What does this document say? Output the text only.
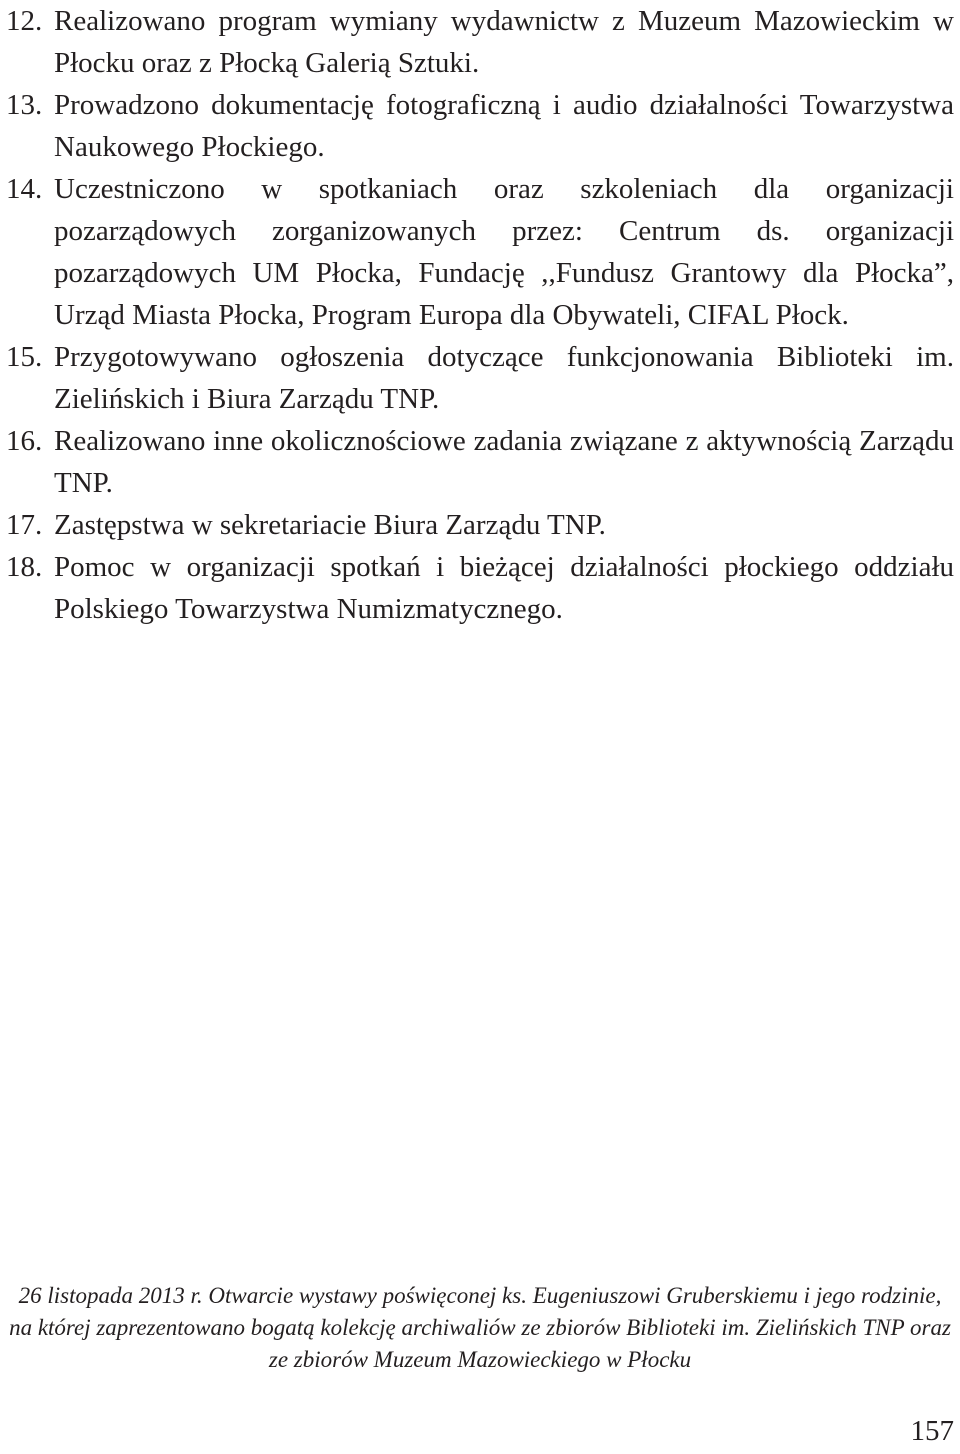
12. Realizowano program wymiany wydawnictw z Muzeum Mazowieckim w Płocku oraz z Płocką Galerią Sztuki.
13. Prowadzono dokumentację fotograficzną i audio działalności Towarzystwa Naukowego Płockiego.
14. Uczestniczono w spotkaniach oraz szkoleniach dla organizacji pozarządowych zorganizowanych przez: Centrum ds. organizacji pozarządowych UM Płocka, Fundację ,,Fundusz Grantowy dla Płocka”, Urząd Miasta Płocka, Program Europa dla Obywateli, CIFAL Płock.
15. Przygotowywano ogłoszenia dotyczące funkcjonowania Biblioteki im. Zielińskich i Biura Zarządu TNP.
16. Realizowano inne okolicznościowe zadania związane z aktywnością Zarządu TNP.
17. Zastępstwa w sekretariacie Biura Zarządu TNP.
18. Pomoc w organizacji spotkań i bieżącej działalności płockiego oddziału Polskiego Towarzystwa Numizmatycznego.
26 listopada 2013 r. Otwarcie wystawy poświęconej ks. Eugeniuszowi Gruberskiemu i jego rodzinie, na której zaprezentowano bogatą kolekcję archiwaliów ze zbiorów Biblioteki im. Zielińskich TNP oraz ze zbiorów Muzeum Mazowieckiego w Płocku
157
